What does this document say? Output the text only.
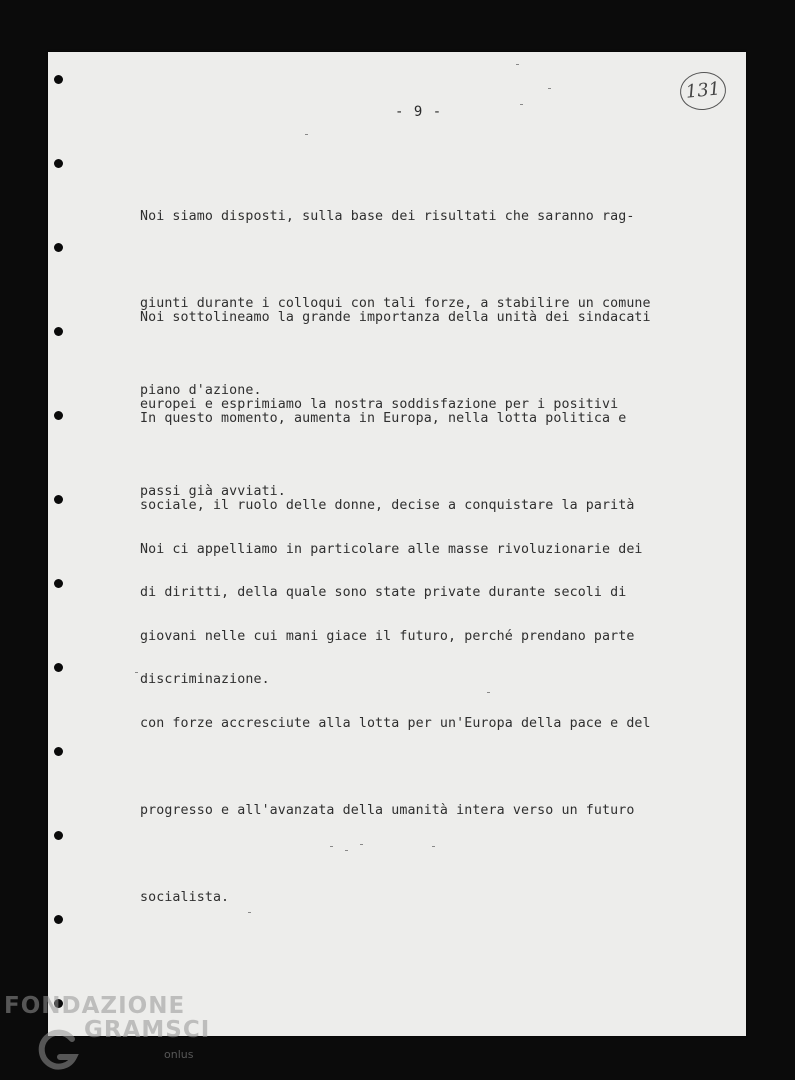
- 9 -
131

Noi siamo disposti, sulla base dei risultati che saranno rag-

giunti durante i colloqui con tali forze, a stabilire un comune

piano d'azione.

Noi sottolineamo la grande importanza della unità dei sindacati

europei e esprimiamo la nostra soddisfazione per i positivi

passi già avviati.

In questo momento, aumenta in Europa, nella lotta politica e

sociale, il ruolo delle donne, decise a conquistare la parità

di diritti, della quale sono state private durante secoli di

discriminazione.

Noi ci appelliamo in particolare alle masse rivoluzionarie dei

giovani nelle cui mani giace il futuro, perché prendano parte

con forze accresciute alla lotta per un'Europa della pace e del

progresso e all'avanzata della umanità intera verso un futuro

socialista.

FONDAZIONE
GRAMSCI
onlus
